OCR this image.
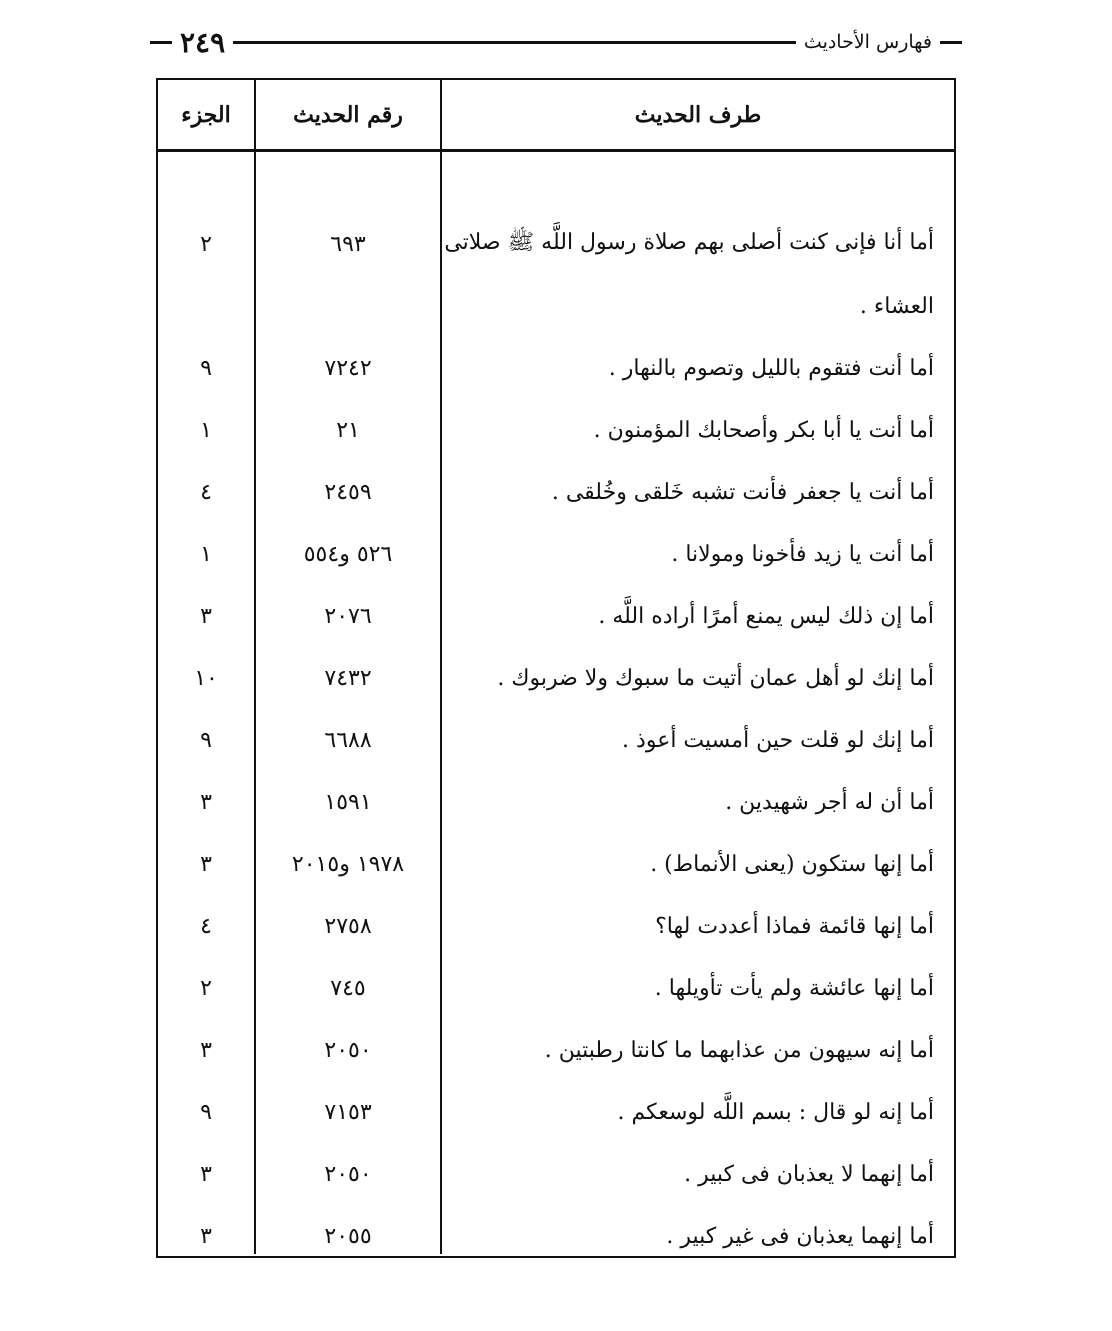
فهارس الأحاديث
٢٤٩
طرف الحديث
رقم الحديث
الجزء
أما أنا فإنى كنت أصلى بهم صلاة رسول اللَّه ﷺ صلاتى
العشاء .
أما أنت فتقوم بالليل وتصوم بالنهار .
أما أنت يا أبا بكر وأصحابك المؤمنون .
أما أنت يا جعفر فأنت تشبه خَلقى وخُلقى .
أما أنت يا زيد فأخونا ومولانا .
أما إن ذلك ليس يمنع أمرًا أراده اللَّه .
أما إنك لو أهل عمان أتيت ما سبوك ولا ضربوك .
أما إنك لو قلت حين أمسيت أعوذ .
أما أن له أجر شهيدين .
أما إنها ستكون (يعنى الأنماط) .
أما إنها قائمة فماذا أعددت لها؟
أما إنها عائشة ولم يأت تأويلها .
أما إنه سيهون من عذابهما ما كانتا رطبتين .
أما إنه لو قال : بسم اللَّه لوسعكم .
أما إنهما لا يعذبان فى كبير .
أما إنهما يعذبان فى غير كبير .
٦٩٣
٧٢٤٢
٢١
٢٤٥٩
٥٢٦ و٥٥٤
٢٠٧٦
٧٤٣٢
٦٦٨٨
١٥٩١
١٩٧٨ و٢٠١٥
٢٧٥٨
٧٤٥
٢٠٥٠
٧١٥٣
٢٠٥٠
٢٠٥٥
٢
٩
١
٤
١
٣
١٠
٩
٣
٣
٤
٢
٣
٩
٣
٣
